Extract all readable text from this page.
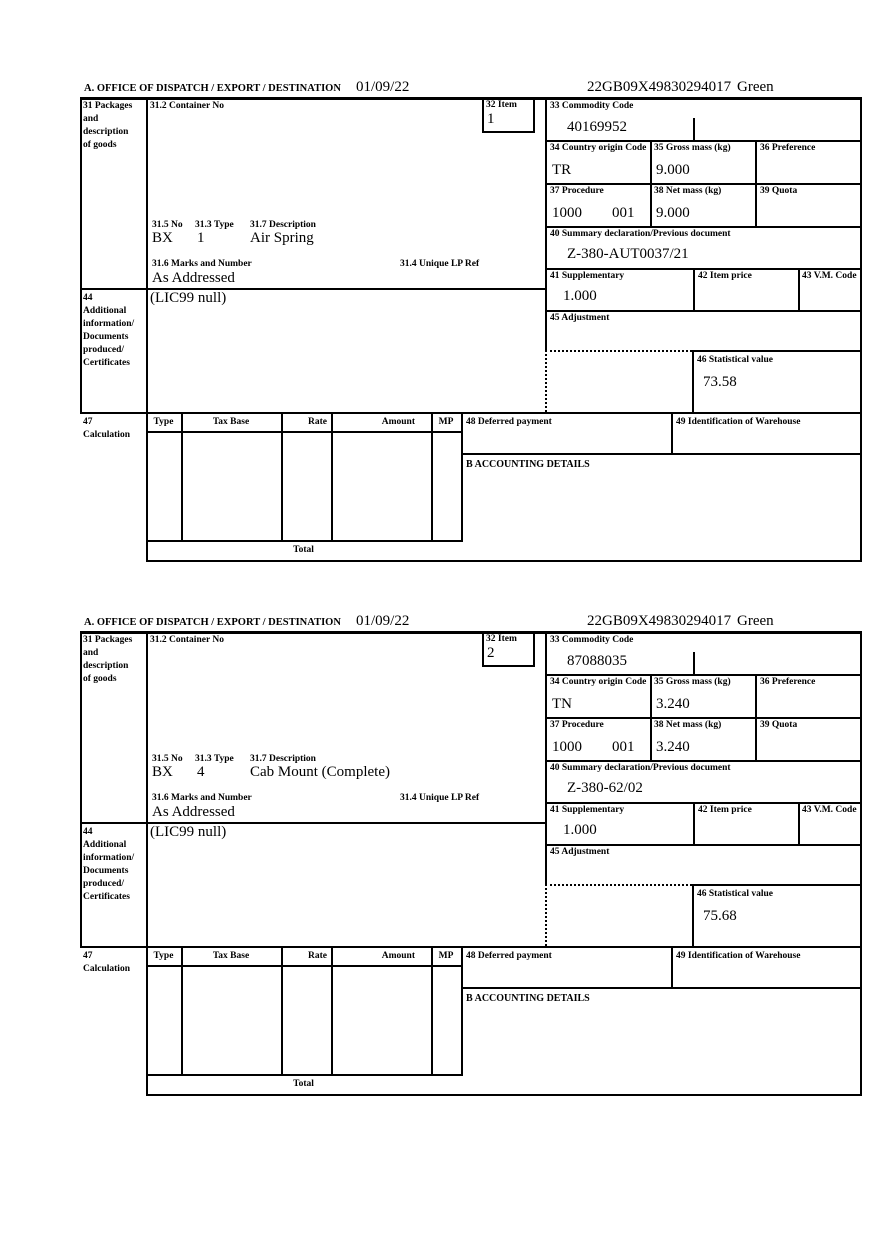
A. OFFICE OF DISPATCH / EXPORT / DESTINATION 01/09/22	22GB09X49830294017 Green
31 Packages
and
description
of goods
31.2 Container No	32 Item
1
33 Commodity Code
40169952
34 Country origin Code
TR
35 Gross mass (kg)
9.000
36 Preference
37 Procedure
1000 001
38 Net mass (kg)
9.000
39 Quota
40 Summary declaration/Previous document
Z-380-AUT0037/21
41 Supplementary
1.000
42 Item price	43 V.M. Code
45 Adjustment
46 Statistical value
73.58
31.5 No 31.3 Type 31.7 Description
BX 1	Air Spring
31.6 Marks and Number
As Addressed
31.4 Unique LP Ref
44
Additional
information/
Documents
produced/
Certificates
(LIC99 null)
47
Calculation
Type	Tax Base	Rate	Amount	MP	48 Deferred payment	49 Identification of Warehouse
B ACCOUNTING DETAILS
Total
A. OFFICE OF DISPATCH / EXPORT / DESTINATION 01/09/22	22GB09X49830294017 Green
31 Packages
and
description
of goods
31.2 Container No	32 Item
2
33 Commodity Code
87088035
34 Country origin Code
TN
35 Gross mass (kg)
3.240
36 Preference
37 Procedure
1000 001
38 Net mass (kg)
3.240
39 Quota
40 Summary declaration/Previous document
Z-380-62/02
41 Supplementary
1.000
42 Item price	43 V.M. Code
45 Adjustment
46 Statistical value
75.68
31.5 No 31.3 Type 31.7 Description
BX 4	Cab Mount (Complete)
31.6 Marks and Number
As Addressed
31.4 Unique LP Ref
44
Additional
information/
Documents
produced/
Certificates
(LIC99 null)
47
Calculation
Type	Tax Base	Rate	Amount	MP	48 Deferred payment	49 Identification of Warehouse
B ACCOUNTING DETAILS
Total
